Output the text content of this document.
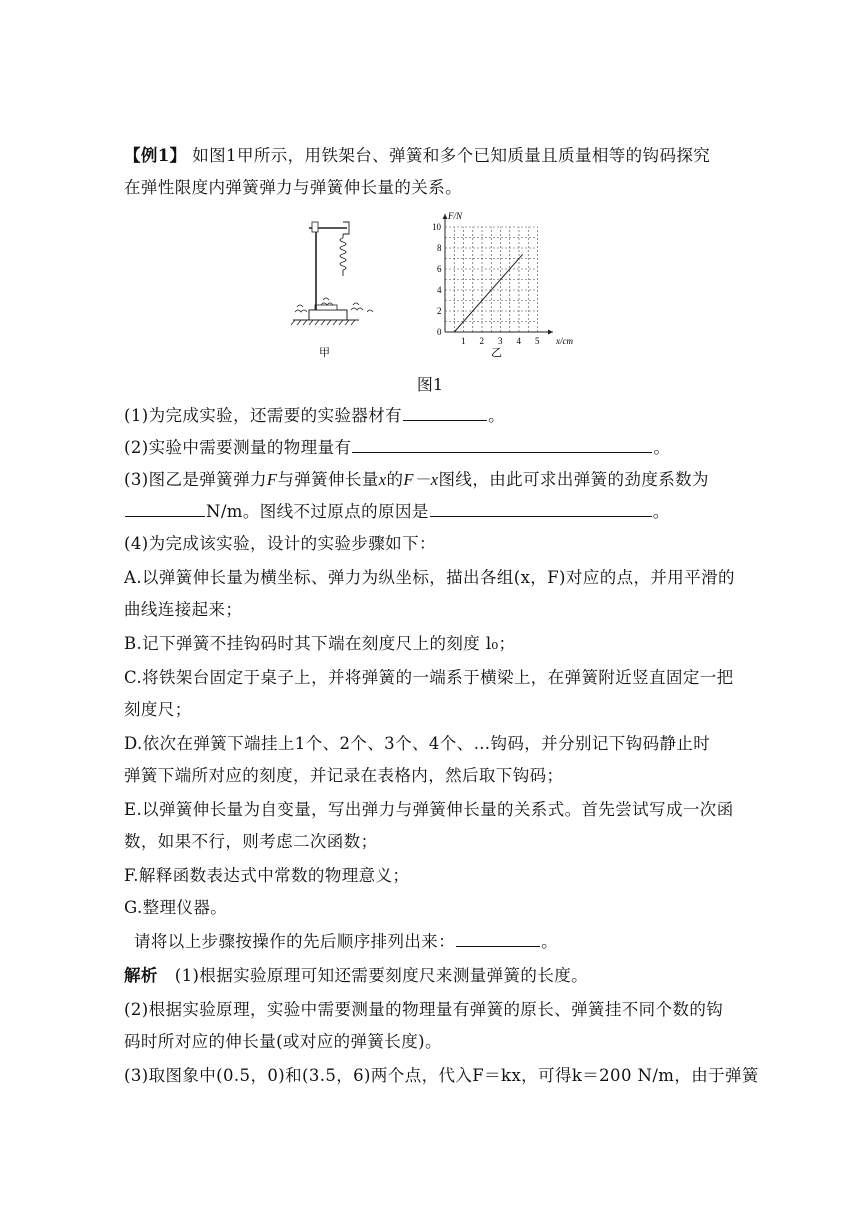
【例1】 如图1甲所示，用铁架台、弹簧和多个已知质量且质量相等的钩码探究
在弹性限度内弹簧弹力与弹簧伸长量的关系。
甲
1 2 3 4 5
0
2
4
6
8
10
F/N
x/cm
乙
图1
(1)为完成实验，还需要的实验器材有	。
(2)实验中需要测量的物理量有	。
(3)图乙是弹簧弹力F与弹簧伸长量x的F－x图线，由此可求出弹簧的劲度系数为
N/m。图线不过原点的原因是	。
(4)为完成该实验，设计的实验步骤如下：
A.以弹簧伸长量为横坐标、弹力为纵坐标，描出各组(x，F)对应的点，并用平滑的
曲线连接起来；
B.记下弹簧不挂钩码时其下端在刻度尺上的刻度 l₀；
C.将铁架台固定于桌子上，并将弹簧的一端系于横梁上，在弹簧附近竖直固定一把
刻度尺；
D.依次在弹簧下端挂上1个、2个、3个、4个、…钩码，并分别记下钩码静止时
弹簧下端所对应的刻度，并记录在表格内，然后取下钩码；
E.以弹簧伸长量为自变量，写出弹力与弹簧伸长量的关系式。首先尝试写成一次函
数，如果不行，则考虑二次函数；
F.解释函数表达式中常数的物理意义；
G.整理仪器。
请将以上步骤按操作的先后顺序排列出来：	。
解析 (1)根据实验原理可知还需要刻度尺来测量弹簧的长度。
(2)根据实验原理，实验中需要测量的物理量有弹簧的原长、弹簧挂不同个数的钩
码时所对应的伸长量(或对应的弹簧长度)。
(3)取图象中(0.5，0)和(3.5，6)两个点，代入F＝kx，可得k＝200 N/m，由于弹簧
